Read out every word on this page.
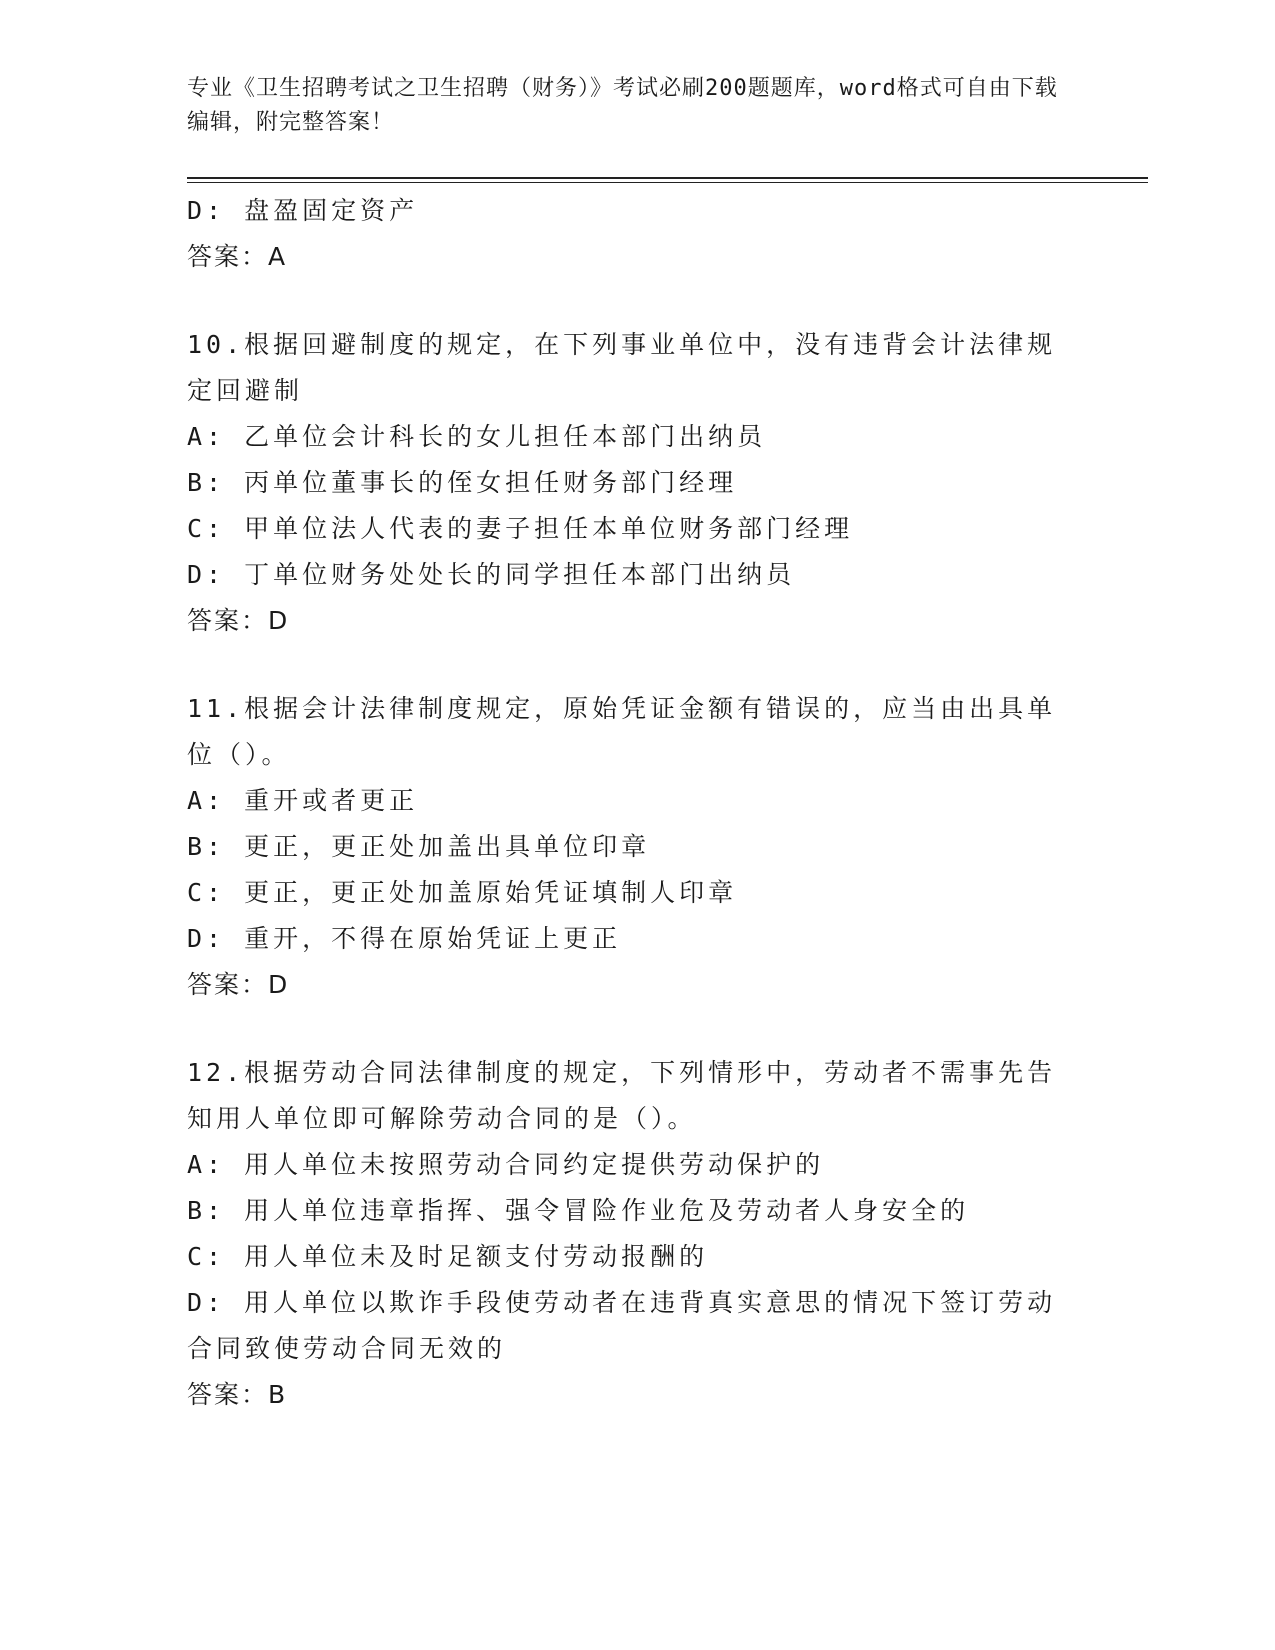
专业《卫生招聘考试之卫生招聘（财务）》考试必刷200题题库，word格式可自由下载编辑，附完整答案！
D: 盘盈固定资产
答案：A
10.根据回避制度的规定，在下列事业单位中，没有违背会计法律规定回避制
A: 乙单位会计科长的女儿担任本部门出纳员
B: 丙单位董事长的侄女担任财务部门经理
C: 甲单位法人代表的妻子担任本单位财务部门经理
D: 丁单位财务处处长的同学担任本部门出纳员
答案：D
11.根据会计法律制度规定，原始凭证金额有错误的，应当由出具单位（）。
A: 重开或者更正
B: 更正，更正处加盖出具单位印章
C: 更正，更正处加盖原始凭证填制人印章
D: 重开，不得在原始凭证上更正
答案：D
12.根据劳动合同法律制度的规定，下列情形中，劳动者不需事先告知用人单位即可解除劳动合同的是（）。
A: 用人单位未按照劳动合同约定提供劳动保护的
B: 用人单位违章指挥、强令冒险作业危及劳动者人身安全的
C: 用人单位未及时足额支付劳动报酬的
D: 用人单位以欺诈手段使劳动者在违背真实意思的情况下签订劳动合同致使劳动合同无效的
答案：B
